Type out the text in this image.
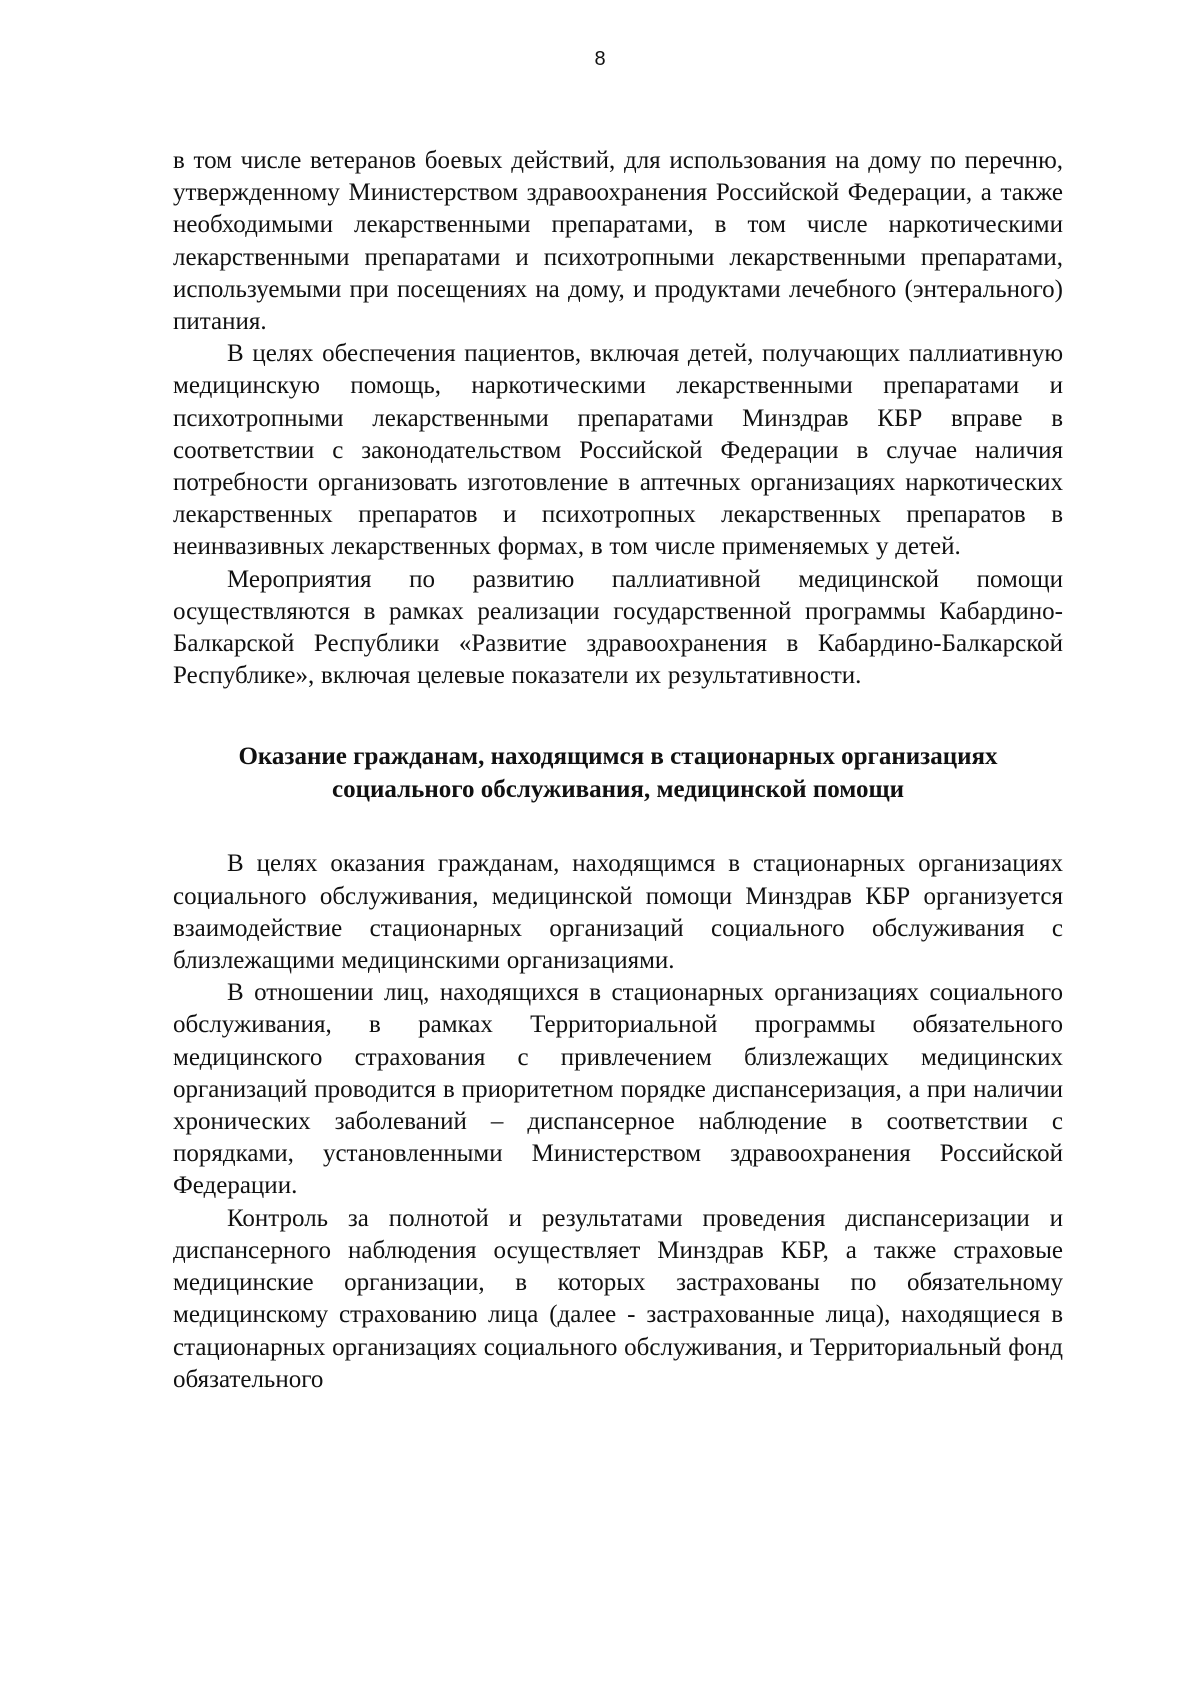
8

в том числе ветеранов боевых действий, для использования на дому по перечню, утвержденному Министерством здравоохранения Российской Федерации, а также необходимыми лекарственными препаратами, в том числе наркотическими лекарственными препаратами и психотропными лекарственными препаратами, используемыми при посещениях на дому, и продуктами лечебного (энтерального) питания.

В целях обеспечения пациентов, включая детей, получающих паллиативную медицинскую помощь, наркотическими лекарственными препаратами и психотропными лекарственными препаратами Минздрав КБР вправе в соответствии с законодательством Российской Федерации в случае наличия потребности организовать изготовление в аптечных организациях наркотических лекарственных препаратов и психотропных лекарственных препаратов в неинвазивных лекарственных формах, в том числе применяемых у детей.

Мероприятия по развитию паллиативной медицинской помощи осуществляются в рамках реализации государственной программы Кабардино-Балкарской Республики «Развитие здравоохранения в Кабардино-Балкарской Республике», включая целевые показатели их результативности.

Оказание гражданам, находящимся в стационарных организациях
социального обслуживания, медицинской помощи

В целях оказания гражданам, находящимся в стационарных организациях социального обслуживания, медицинской помощи Минздрав КБР организуется взаимодействие стационарных организаций социального обслуживания с близлежащими медицинскими организациями.

В отношении лиц, находящихся в стационарных организациях социального обслуживания, в рамках Территориальной программы обязательного медицинского страхования с привлечением близлежащих медицинских организаций проводится в приоритетном порядке диспансеризация, а при наличии хронических заболеваний – диспансерное наблюдение в соответствии с порядками, установленными Министерством здравоохранения Российской Федерации.

Контроль за полнотой и результатами проведения диспансеризации и диспансерного наблюдения осуществляет Минздрав КБР, а также страховые медицинские организации, в которых застрахованы по обязательному медицинскому страхованию лица (далее - застрахованные лица), находящиеся в стационарных организациях социального обслуживания, и Территориальный фонд обязательного
